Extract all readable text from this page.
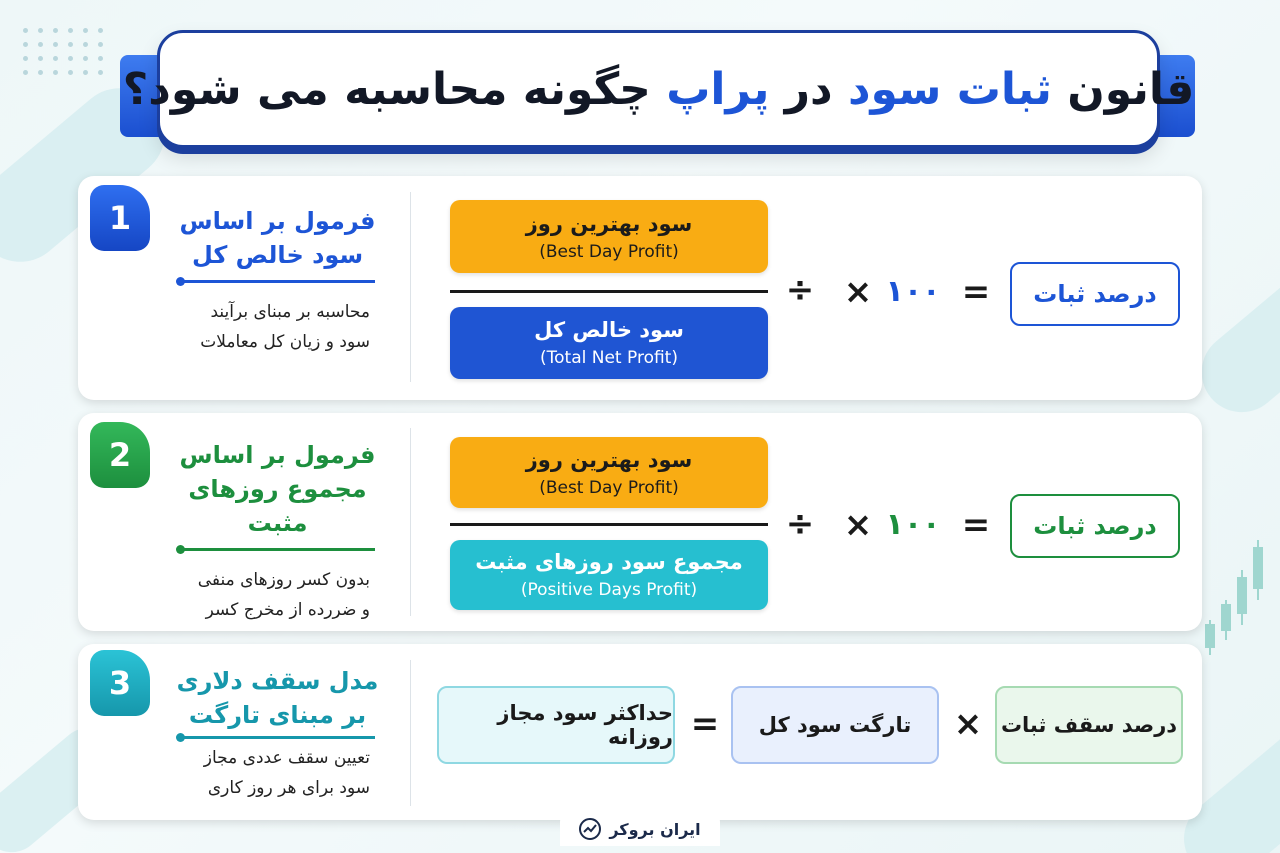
قانون ثبات سود در پراپ چگونه محاسبه می شود؟
1	فرمول بر اساس
سود خالص کل
محاسبه بر مبنای برآیند
سود و زیان کل معاملات
سود بهترین روز
(Best Day Profit)
سود خالص کل
(Total Net Profit)
÷ × ١٠٠ =	درصد ثبات
2	فرمول بر اساس
مجموع روزهای مثبت
بدون کسر روزهای منفی
و ضررده از مخرج کسر
سود بهترین روز
(Best Day Profit)
مجموع سود روزهای مثبت
(Positive Days Profit)
÷ × ١٠٠ =	درصد ثبات
3	مدل سقف دلاری
بر مبنای تارگت
تعیین سقف عددی مجاز
سود برای هر روز کاری
حداکثر سود مجاز روزانه =	تارگت سود کل	× درصد سقف ثبات
ایران بروکر
